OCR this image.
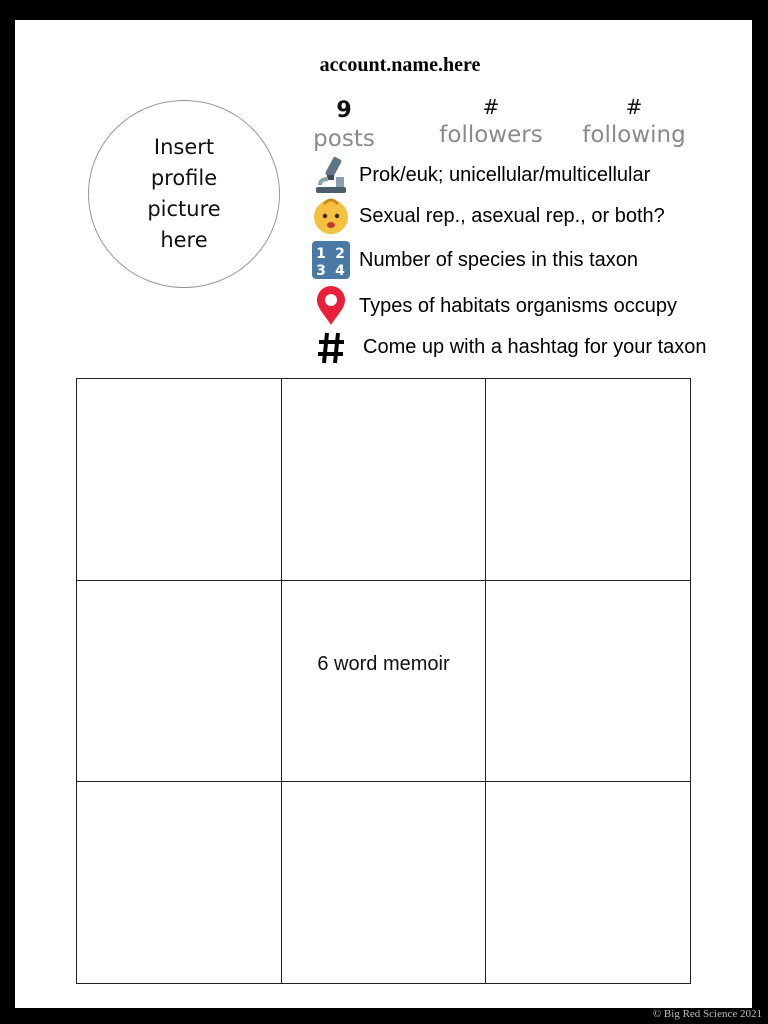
account.name.here
Insert
profile
picture
here
9
posts
#
followers
#
following
Prok/euk; unicellular/multicellular
Sexual rep., asexual rep., or both?
1 2
3 4
Number of species in this taxon
Types of habitats organisms occupy
Come up with a hashtag for your taxon
6 word memoir
© Big Red Science 2021
